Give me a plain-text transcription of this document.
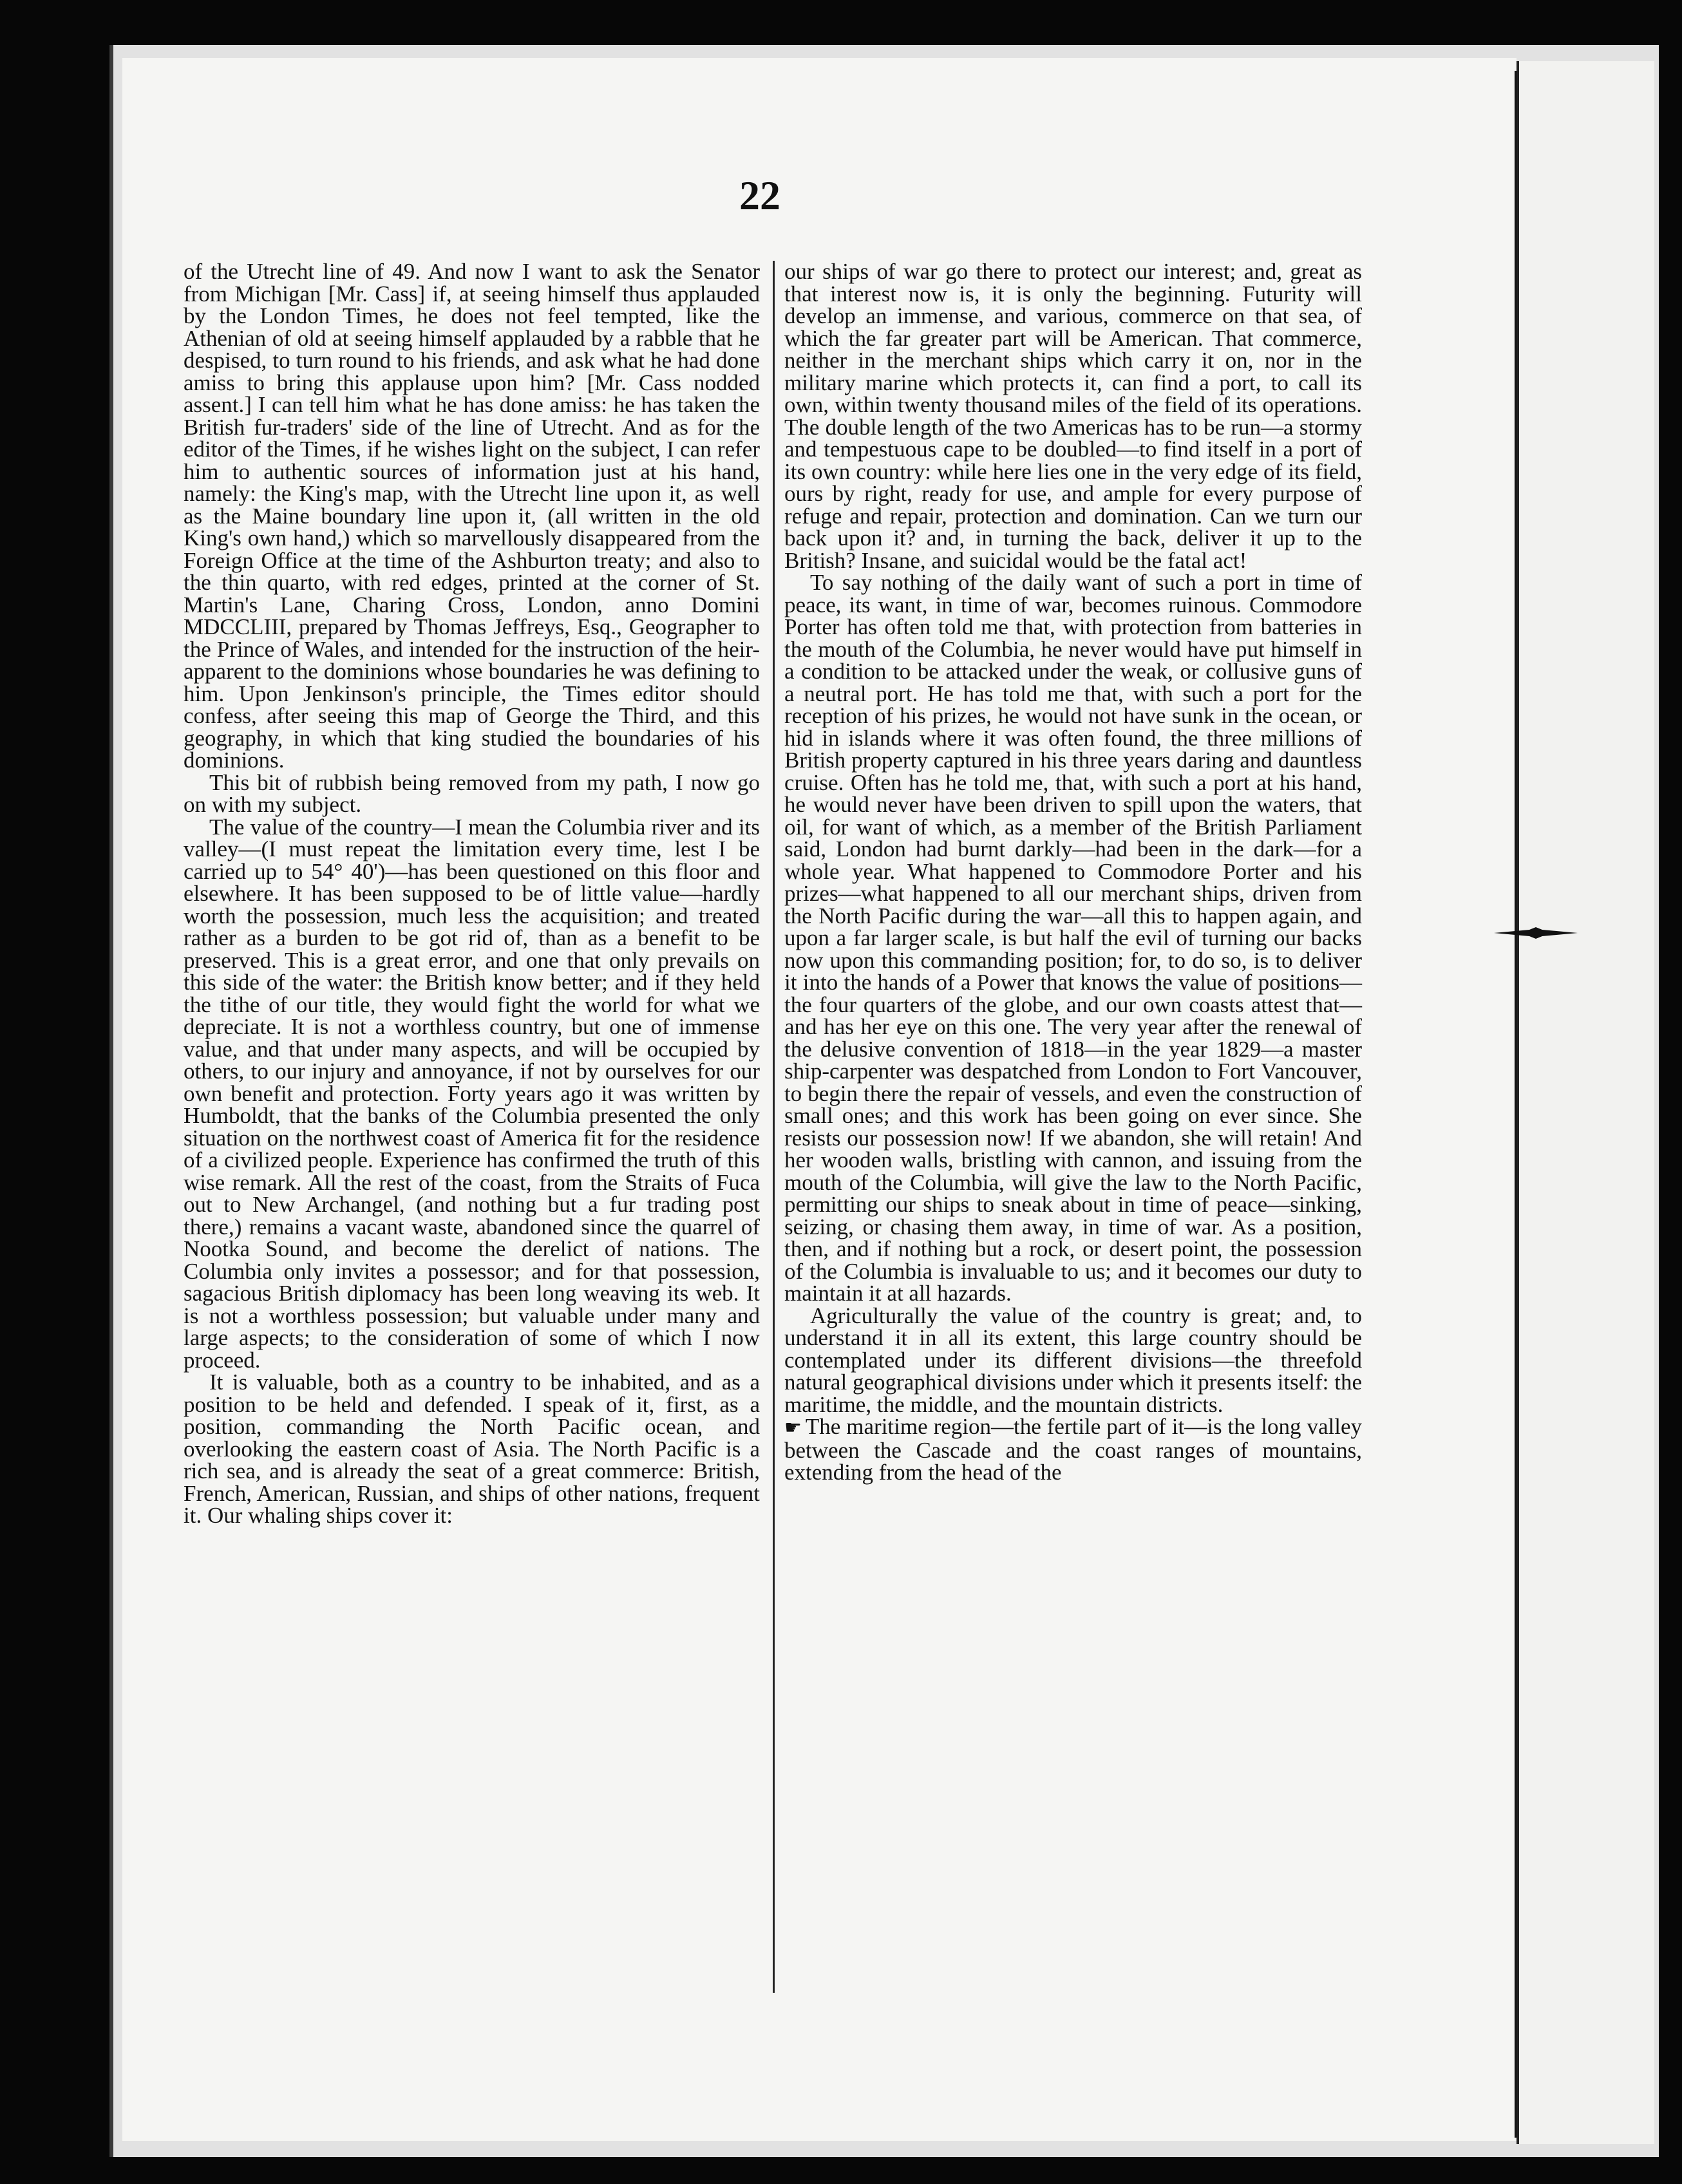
22

of the Utrecht line of 49. And now I want to ask the Senator from Michigan [Mr. Cass] if, at seeing himself thus applauded by the London Times, he does not feel tempted, like the Athenian of old at seeing himself applauded by a rabble that he despised, to turn round to his friends, and ask what he had done amiss to bring this applause upon him? [Mr. Cass nodded assent.] I can tell him what he has done amiss: he has taken the British fur-traders' side of the line of Utrecht. And as for the editor of the Times, if he wishes light on the subject, I can refer him to authentic sources of information just at his hand, namely: the King's map, with the Utrecht line upon it, as well as the Maine boundary line upon it, (all written in the old King's own hand,) which so marvellously disappeared from the Foreign Office at the time of the Ashburton treaty; and also to the thin quarto, with red edges, printed at the corner of St. Martin's Lane, Charing Cross, London, anno Domini MDCCLIII, prepared by Thomas Jeffreys, Esq., Geographer to the Prince of Wales, and intended for the instruction of the heir-apparent to the dominions whose boundaries he was defining to him. Upon Jenkinson's principle, the Times editor should confess, after seeing this map of George the Third, and this geography, in which that king studied the boundaries of his dominions.

This bit of rubbish being removed from my path, I now go on with my subject.

The value of the country—I mean the Columbia river and its valley—(I must repeat the limitation every time, lest I be carried up to 54° 40')—has been questioned on this floor and elsewhere. It has been supposed to be of little value—hardly worth the possession, much less the acquisition; and treated rather as a burden to be got rid of, than as a benefit to be preserved. This is a great error, and one that only prevails on this side of the water: the British know better; and if they held the tithe of our title, they would fight the world for what we depreciate. It is not a worthless country, but one of immense value, and that under many aspects, and will be occupied by others, to our injury and annoyance, if not by ourselves for our own benefit and protection. Forty years ago it was written by Humboldt, that the banks of the Columbia presented the only situation on the northwest coast of America fit for the residence of a civilized people. Experience has confirmed the truth of this wise remark. All the rest of the coast, from the Straits of Fuca out to New Archangel, (and nothing but a fur trading post there,) remains a vacant waste, abandoned since the quarrel of Nootka Sound, and become the derelict of nations. The Columbia only invites a possessor; and for that possession, sagacious British diplomacy has been long weaving its web. It is not a worthless possession; but valuable under many and large aspects; to the consideration of some of which I now proceed.

It is valuable, both as a country to be inhabited, and as a position to be held and defended. I speak of it, first, as a position, commanding the North Pacific ocean, and overlooking the eastern coast of Asia. The North Pacific is a rich sea, and is already the seat of a great commerce: British, French, American, Russian, and ships of other nations, frequent it. Our whaling ships cover it:

our ships of war go there to protect our interest; and, great as that interest now is, it is only the beginning. Futurity will develop an immense, and various, commerce on that sea, of which the far greater part will be American. That commerce, neither in the merchant ships which carry it on, nor in the military marine which protects it, can find a port, to call its own, within twenty thousand miles of the field of its operations. The double length of the two Americas has to be run—a stormy and tempestuous cape to be doubled—to find itself in a port of its own country: while here lies one in the very edge of its field, ours by right, ready for use, and ample for every purpose of refuge and repair, protection and domination. Can we turn our back upon it? and, in turning the back, deliver it up to the British? Insane, and suicidal would be the fatal act!

To say nothing of the daily want of such a port in time of peace, its want, in time of war, becomes ruinous. Commodore Porter has often told me that, with protection from batteries in the mouth of the Columbia, he never would have put himself in a condition to be attacked under the weak, or collusive guns of a neutral port. He has told me that, with such a port for the reception of his prizes, he would not have sunk in the ocean, or hid in islands where it was often found, the three millions of British property captured in his three years daring and dauntless cruise. Often has he told me, that, with such a port at his hand, he would never have been driven to spill upon the waters, that oil, for want of which, as a member of the British Parliament said, London had burnt darkly—had been in the dark—for a whole year. What happened to Commodore Porter and his prizes—what happened to all our merchant ships, driven from the North Pacific during the war—all this to happen again, and upon a far larger scale, is but half the evil of turning our backs now upon this commanding position; for, to do so, is to deliver it into the hands of a Power that knows the value of positions—the four quarters of the globe, and our own coasts attest that—and has her eye on this one. The very year after the renewal of the delusive convention of 1818—in the year 1829—a master ship-carpenter was despatched from London to Fort Vancouver, to begin there the repair of vessels, and even the construction of small ones; and this work has been going on ever since. She resists our possession now! If we abandon, she will retain! And her wooden walls, bristling with cannon, and issuing from the mouth of the Columbia, will give the law to the North Pacific, permitting our ships to sneak about in time of peace—sinking, seizing, or chasing them away, in time of war. As a position, then, and if nothing but a rock, or desert point, the possession of the Columbia is invaluable to us; and it becomes our duty to maintain it at all hazards.

Agriculturally the value of the country is great; and, to understand it in all its extent, this large country should be contemplated under its different divisions—the threefold natural geographical divisions under which it presents itself: the maritime, the middle, and the mountain districts.

☛ The maritime region—the fertile part of it—is the long valley between the Cascade and the coast ranges of mountains, extending from the head of the
